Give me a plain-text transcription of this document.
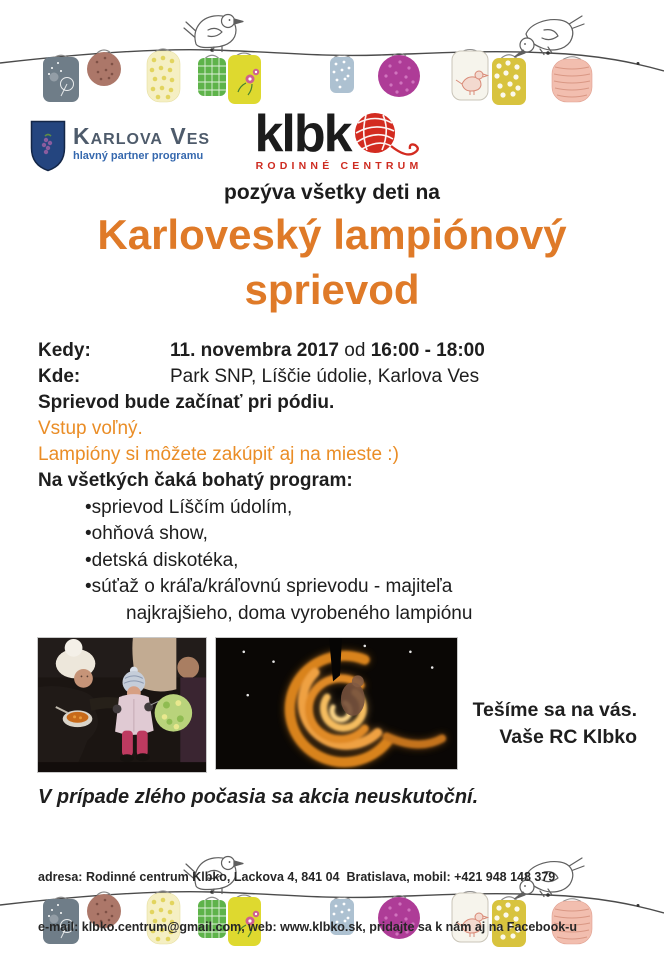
Karlova Ves
hlavný partner programu klbk
RODINNÉ CENTRUM
pozýva všetky deti na
Karloveský lampiónový
sprievod
Kedy:	11. novembra 2017 od 16:00 - 18:00
Kde:	Park SNP, Líščie údolie, Karlova Ves
Sprievod bude začínať pri pódiu.
Vstup voľný.
Lampióny si môžete zakúpiť aj na mieste :)
Na všetkých čaká bohatý program:
•sprievod Líščím údolím,
•ohňová show,
•detská diskotéka,
•súťaž o kráľa/kráľovnú sprievodu - majiteľa
najkrajšieho, doma vyrobeného lampiónu
Tešíme sa na vás.
Vaše RC Klbko
V prípade zlého počasia sa akcia neuskutoční.

adresa: Rodinné centrum Klbko, Lackova 4, 841 04  Bratislava, mobil: +421 948 148 379

e-mail: klbko.centrum@gmail.com, web: www.klbko.sk, pridajte sa k nám aj na Facebook-u
